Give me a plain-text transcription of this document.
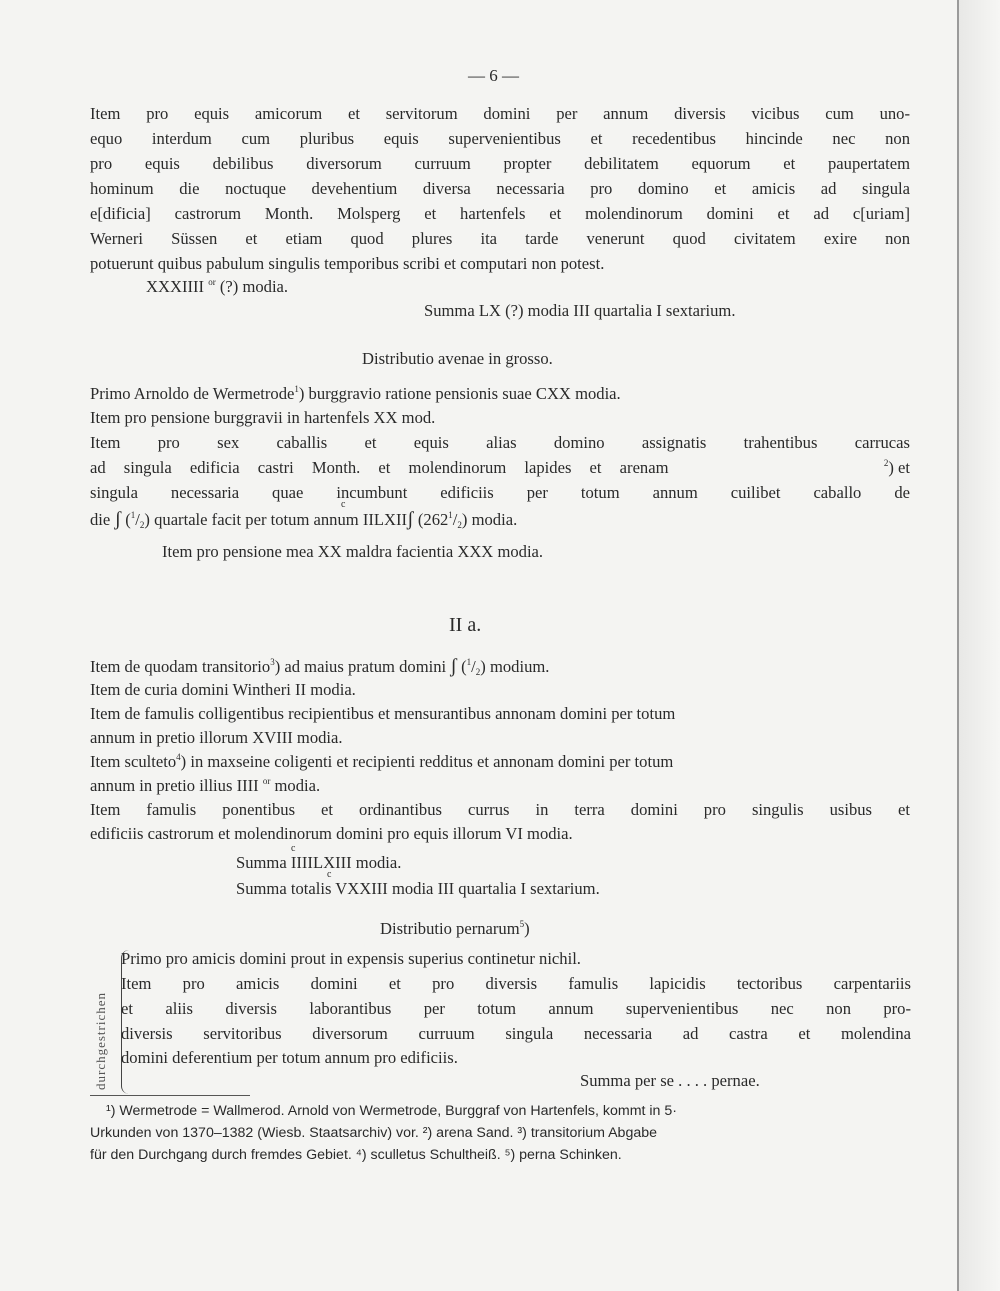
— 6 —
Item pro equis amicorum et servitorum domini per annum diversis vicibus cum uno-
equo interdum cum pluribus equis supervenientibus et recedentibus hincinde nec non
pro equis debilibus diversorum curruum propter debilitatem equorum et paupertatem
hominum die noctuque devehentium diversa necessaria pro domino et amicis ad singula
e[dificia] castrorum Month. Molsperg et hartenfels et molendinorum domini et ad c[uriam]
Werneri Süssen et etiam quod plures ita tarde venerunt quod civitatem exire non
potuerunt quibus pabulum singulis temporibus scribi et computari non potest.
XXXIIII $^{or}$ (?) modia.
Summa LX (?) modia III quartalia I sextarium.
Distributio avenae in grosso.
Primo Arnoldo de Wermetrode$^1$) burggravio ratione pensionis suae CXX modia.
Item pro pensione burggravii in hartenfels XX mod.
Item pro sex caballis et equis alias domino assignatis trahentibus carrucas
ad singula edificia castri Month. et molendinorum lapides et arenam	$^2$) et
singula necessaria quae incumbunt edificiis per totum annum cuilibet caballo de
die ʃ $(^1/_2)$ quartale facit per totum annum IILXIIʃ $(262^1/_2)$ modia.
c
Item pro pensione mea XX maldra facientia XXX modia.
II a.
Item de quodam transitorio$^3$) ad maius pratum domini ʃ $(^1/_2)$ modium.
Item de curia domini Wintheri II modia.
Item de famulis colligentibus recipientibus et mensurantibus annonam domini per totum
annum in pretio illorum XVIII modia.
Item sculteto$^4$) in maxseine coligenti et recipienti redditus et annonam domini per totum
annum in pretio illius IIII $^{or}$ modia.
Item famulis ponentibus et ordinantibus currus in terra domini pro singulis usibus et
edificiis castrorum et molendinorum domini pro equis illorum VI modia.
c
Summa IIIILXIII modia.
c
Summa totalis VXXIII modia III quartalia I sextarium.
Distributio pernarum$^5$)
durchgestrichen
Primo pro amicis domini prout in expensis superius continetur nichil.
Item pro amicis domini et pro diversis famulis lapicidis tectoribus carpentariis
et aliis diversis laborantibus per totum annum supervenientibus nec non pro-
diversis servitoribus diversorum curruum singula necessaria ad castra et molendina
domini deferentium per totum annum pro edificiis.
Summa per se . . . . pernae.
¹) Wermetrode = Wallmerod. Arnold von Wermetrode, Burggraf von Hartenfels, kommt in 5·
Urkunden von 1370–1382 (Wiesb. Staatsarchiv) vor. ²) arena Sand. ³) transitorium Abgabe
für den Durchgang durch fremdes Gebiet. ⁴) sculletus Schultheiß. ⁵) perna Schinken.
